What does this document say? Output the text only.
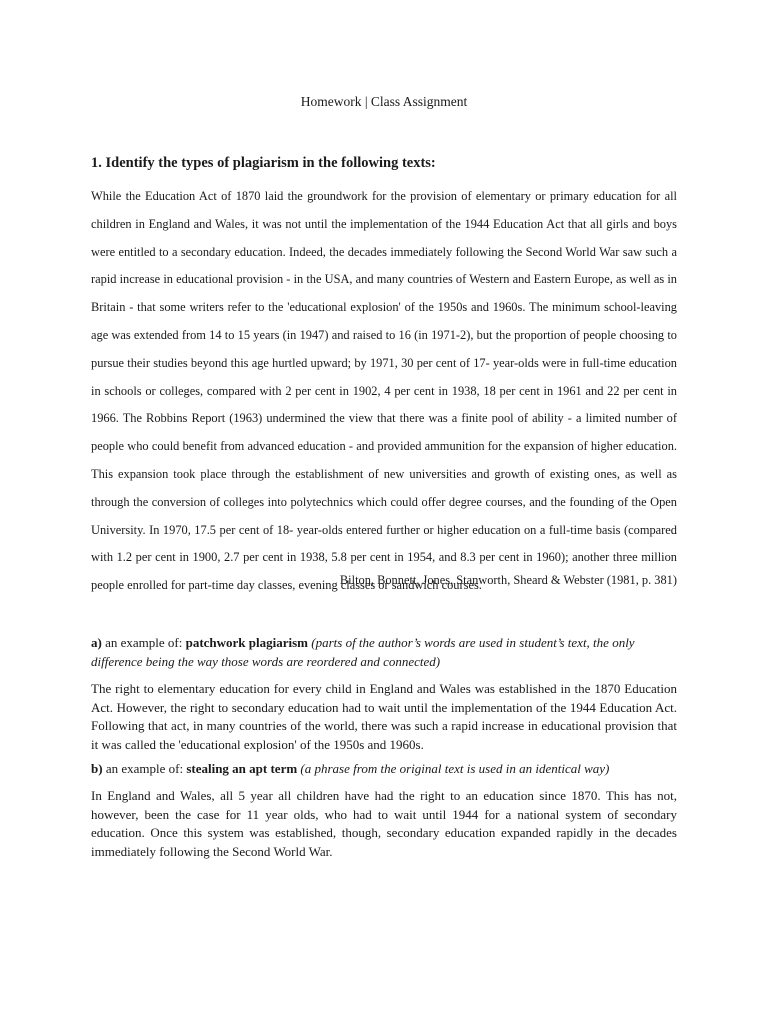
Homework | Class Assignment
1. Identify the types of plagiarism in the following texts:

While the Education Act of 1870 laid the groundwork for the provision of elementary or primary education for all children in England and Wales, it was not until the implementation of the 1944 Education Act that all girls and boys were entitled to a secondary education. Indeed, the decades immediately following the Second World War saw such a rapid increase in educational provision - in the USA, and many countries of Western and Eastern Europe, as well as in Britain - that some writers refer to the 'educational explosion' of the 1950s and 1960s. The minimum school-leaving age was extended from 14 to 15 years (in 1947) and raised to 16 (in 1971-2), but the proportion of people choosing to pursue their studies beyond this age hurtled upward; by 1971, 30 per cent of 17- year-olds were in full-time education in schools or colleges, compared with 2 per cent in 1902, 4 per cent in 1938, 18 per cent in 1961 and 22 per cent in 1966. The Robbins Report (1963) undermined the view that there was a finite pool of ability - a limited number of people who could benefit from advanced education - and provided ammunition for the expansion of higher education. This expansion took place through the establishment of new universities and growth of existing ones, as well as through the conversion of colleges into polytechnics which could offer degree courses, and the founding of the Open University. In 1970, 17.5 per cent of 18- year-olds entered further or higher education on a full-time basis (compared with 1.2 per cent in 1900, 2.7 per cent in 1938, 5.8 per cent in 1954, and 8.3 per cent in 1960); another three million people enrolled for part-time day classes, evening classes or sandwich courses.

Bilton, Bonnett, Jones, Stanworth, Sheard & Webster (1981, p. 381)

a) an example of: patchwork plagiarism (parts of the author’s words are used in student’s text, the only difference being the way those words are reordered and connected)

The right to elementary education for every child in England and Wales was established in the 1870 Education Act. However, the right to secondary education had to wait until the implementation of the 1944 Education Act. Following that act, in many countries of the world, there was such a rapid increase in educational provision that it was called the 'educational explosion' of the 1950s and 1960s.

b) an example of: stealing an apt term (a phrase from the original text is used in an identical way)

In England and Wales, all 5 year all children have had the right to an education since 1870. This has not, however, been the case for 11 year olds, who had to wait until 1944 for a national system of secondary education. Once this system was established, though, secondary education expanded rapidly in the decades immediately following the Second World War.
